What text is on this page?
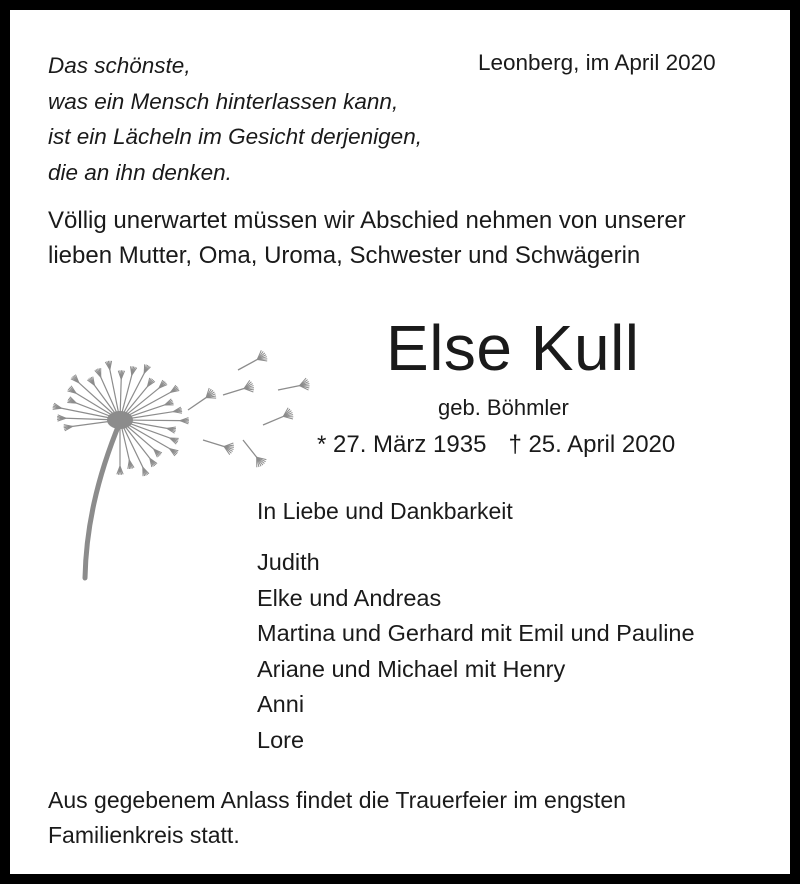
Das schönste,
was ein Mensch hinterlassen kann,
ist ein Lächeln im Gesicht derjenigen,
die an ihn denken.
Leonberg, im April 2020
Völlig unerwartet müssen wir Abschied nehmen von unserer
lieben Mutter, Oma, Uroma, Schwester und Schwägerin
Else Kull
geb. Böhmler
* 27. März 1935 † 25. April 2020
In Liebe und Dankbarkeit
Judith
Elke und Andreas
Martina und Gerhard mit Emil und Pauline
Ariane und Michael mit Henry
Anni
Lore
Aus gegebenem Anlass findet die Trauerfeier im engsten
Familienkreis statt.
